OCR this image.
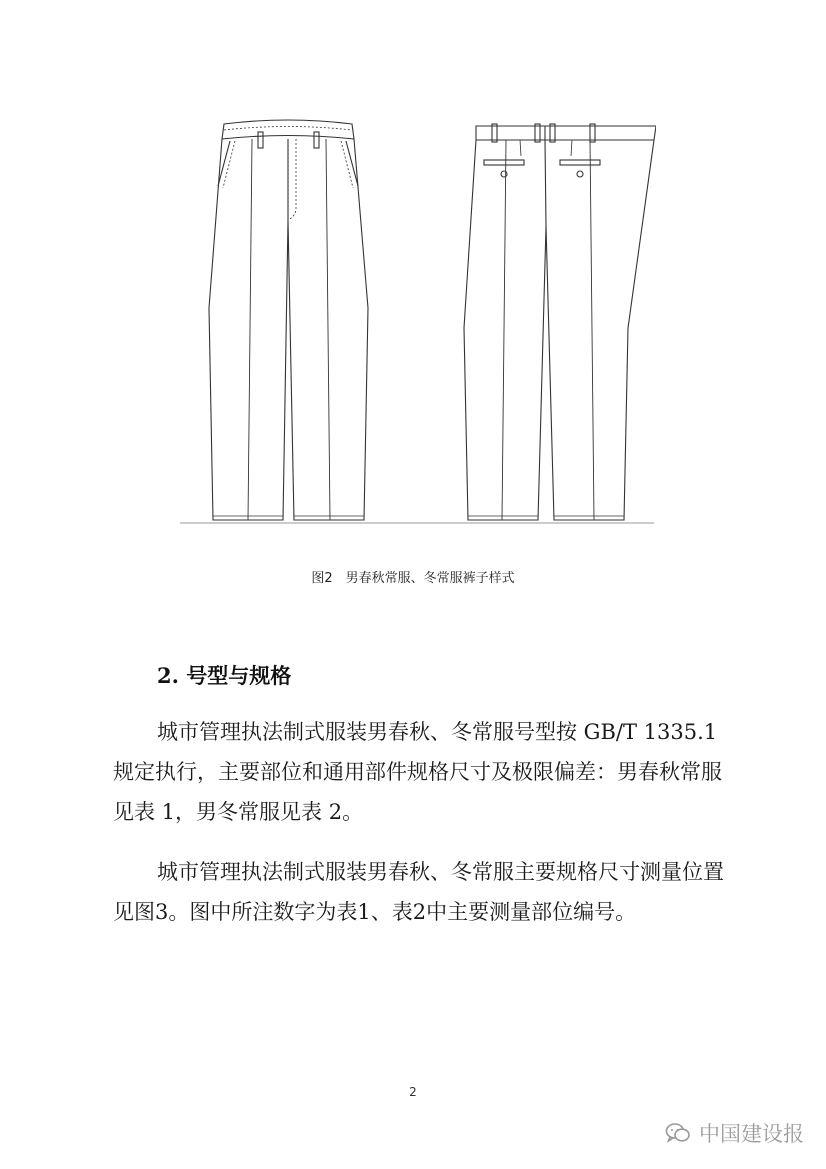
图2　男春秋常服、冬常服裤子样式
2. 号型与规格
城市管理执法制式服装男春秋、冬常服号型按 GB/T 1335.1 规定执行，主要部位和通用部件规格尺寸及极限偏差：男春秋常服见表 1，男冬常服见表 2。
城市管理执法制式服装男春秋、冬常服主要规格尺寸测量位置见图3。图中所注数字为表1、表2中主要测量部位编号。
2
中国建设报
